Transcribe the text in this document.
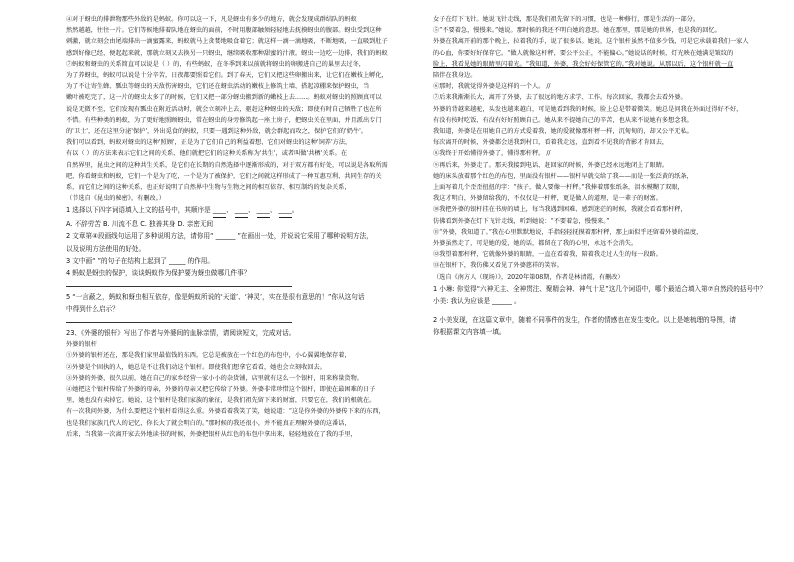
④对于蚜虫的排泄物那些外敌的是蚂蚁。你可以这一下，凡是蚜虫有多少的地方，就会发现成群结队的蚂蚁

然然越越，往往一片。它们等候地排着队地在蚜虫的面前，不时用腹部触须轻轻地去抚摸蚜虫的腹部。蚜虫受到这种

刺激，就立刻会由尾端排出一滴蜜露来，蚂蚁就马上贪婪地吸食着它；就这样一滴一滴地吸，不断地吸，一直吸到肚子

感到好像已经，便起起来就，那就立刻又去换另一只蚜虫，继续吸收那种甜蜜的汁液。蚜虫一边吃一边排，我们的蚂蚁

⑦蚂蚁和蚜虫的关系简直可以说是（ ）的，有些蚂蚁，在冬季到来以前就将蚜虫的卵搬进自己的巢里去过冬，

为了养蚜虫，蚂蚁可以说是十分辛苦，日夜都要照看它们。到了春天，它们又把这些卵搬出来，让它们在嫩枝上孵化，

为了不让寄生蜂、瓢虫等蚜虫的天敌伤害蚜虫，它们还在蚜虫活动的嫩枝上修筑土墙、搭起凉棚来保护蚜虫，当

嫩叶被吃完了，这一片的蚜虫太多了的时候，它们又把一部分蚜虫搬到新的嫩枝上去……。蚂蚁对蚜虫的照顾真可以

说是无微不至，它们发现有瓢虫在附近活动时，就会立刻冲上去，驱赶这种蚜虫的天敌；即使有时自己牺牲了也在所

不惜。有些种类的蚂蚁，为了更好地照顾蚜虫，常在蚜虫的身旁修筑起一座土房子，把蚜虫关在里面，并且派出专门

的'卫士'，还在这里分泌'保护'，外出觅食的蚂蚁，只要一遇到这种外敌，就会群起而攻之，保护它们的'奶牛'。

我们可以看到，蚂蚁对蚜虫的这种'照顾'，正是为了它们自己的利益着想，它们对蚜虫的这种'饲养'方法，

有以（ ）的方法来表示它们之间的关系，他们就把它们的这种关系称为'共生'，或者叫做'共栖'关系。在

自然界里，昆虫之间的这种共生关系，是它们在长期的自然选择中逐渐形成的，对于双方都有好处，可以说是各取所需

吧，你看蚜虫和蚂蚁，它们一个是为了吃，一个是为了被保护，它们之间就这样形成了一种互惠互利、共同生存的关

系，而它们之间的这种关系，也正好说明了自然界中生物与生物之间的相互依存、相互制约的复杂关系，

（节选自《昆虫的秘密》，有删改。）

1 选择以下四字词语填入上文的括号中，其顺序是 ____、 ____、 ____、 ____。

A. 不辞劳苦 B. 川流不息 C. 独善其身 D. 亲密无间

2 文章第④段画线句运用了多种说明方法，请你用“ ______ ”在画出一处，并说说它采用了哪种说明方法，

以及说明方法使用的好处。

3 文中画“ ”的句子在结构上起到了 _____ 的作用。

4 蚂蚁是蚜虫的保护，谈谈蚂蚁作为保护要为蚜虫做哪几件事？

5 “一言蔽之，蚂蚁和蚜虫相互依存，像是蚂蚁所说的‘天道’、‘神灵’，实在是很有意思的！”你从这句话

中得到什么启示？

23、《外婆的银杆》写出了作者与外婆间的血脉亲情，请阅读短文，完成对话。

外婆的银杆

①外婆的银杆还在，那是我们家里最值钱的东西。它总是被放在一个红色的布包中，小心翼翼地保存着，

②外婆是个固执的人，她总是不让我们动这个银杆。即使我们想拿它看看，她也会立刻收回去。

③外婆的外婆，很久以前，她在自己的家乡经营一家小小的杂货铺，店里就有这么一个银杆，用来称量货物。

④她把这个银杆传给了外婆的母亲，外婆的母亲又把它传给了外婆。外婆非常珍惜这个银杆，即使在最困难的日子

里，她也没有卖掉它。她说，这个银杆是我们家族的象征，是我们祖先留下来的财富，只要它在，我们的根就在。

有一次我问外婆，为什么要把这个银杆看得这么重。外婆看着我笑了笑，她说道：“这是你外婆的外婆传下来的东西，

也是我们家族几代人的记忆，你长大了就会明白的。”那时候的我还很小，并不能真正理解外婆的这番话，

后来，当我第一次离开家去外地读书的时候，外婆把银杆从红色的布包中拿出来，轻轻地放在了我的手里，

女子在灯下飞针。她说飞针走线，那是我们祖先留下的习惯，也是一种修行，那是生活的一部分。

⑤“不要着急，慢慢来。”她说。那时候的我还不明白她的意思。她在那里，那是她的世界，也是我的回忆。

外婆在我离开前的那个晚上，拉着我的手，说了很多话。她说，这个银杆虽然不值多少钱，可是它承载着我们一家人

的心血，你要好好保存它。“做人就像这杆秤，要公平公正，不能偏心。”她说话的时候，灯光映在她满是皱纹的

脸上，我看见她的眼睛里闪着光。“我知道，外婆，我会好好保管它的。”我对她说。从那以后，这个银杆就一直

陪伴在我身边。

⑥那时，我就觉得外婆是这样的一个人。 //

⑦后来我渐渐长大，离开了外婆，去了很远的地方求学、工作。每次回家，我都会去看外婆。

外婆的背越来越驼，头发也越来越白，可是她看到我的时候，脸上总是带着微笑。她总是问我在外面过得好不好，

有没有按时吃饭，有没有好好照顾自己。她从来不提她自己的辛苦，也从来不说她有多想念我。

我知道，外婆是在用她自己的方式爱着我，她的爱就像那杆秤一样，沉甸甸的，却又公平无私。

每次离开的时候，外婆都会送我到村口，看着我走远，直到看不见我的背影才肯回去，

⑧我终于开始懂得外婆了，懂得那杆秤。 //

⑨再后来，外婆走了。那天我接到电话，赶回家的时候，外婆已经永远地闭上了眼睛。

她的床头放着那个红色的布包，里面没有银杆——银杆早就交给了我——而是一张泛黄的纸条，

上面写着几个歪歪扭扭的字：“孩子，做人要像一杆秤。”我捧着那张纸条，泪水模糊了双眼，

我这才明白，外婆留给我的，不仅仅是一杆秤，更是做人的道理，是一辈子的财富。

⑩我把外婆的银杆挂在书房的墙上，每当我遇到困难、感到迷茫的时候，我就会看看那杆秤，

仿佛看到外婆在灯下飞针走线，听到她说：“不要着急，慢慢来。”

⑪“外婆，我知道了。”我在心里默默地说，手指轻轻抚摸着那杆秤，那上面似乎还留着外婆的温度，

外婆虽然走了，可是她的爱，她的话，都留在了我的心里，永远不会消失。

⑫我望着那杆秤，它就像外婆的眼睛，一直在看着我，陪着我走过人生的每一段路。

⑬在银杆下，我仿佛又看见了外婆慈祥的笑容。

（选自《南方人（现场）》，2020年第08期，作者是林清霞，有删改）

1 小琳: 你觉得“六神无主、全神贯注、聚精会神、神气十足”这几个词语中，哪个最适合填入第⑦自然段的括号中？

小美: 我认为应该是 ______ 。

2 小美发现，在这篇文章中，随着不同事件的发生，作者的情感也在发生变化。以上是她梳理的导图，请

你根据课文内容填一填。
